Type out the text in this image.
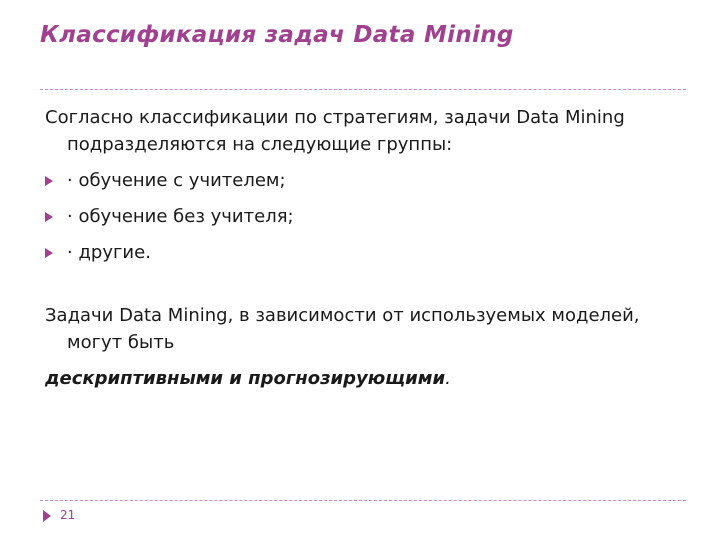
Классификация задач Data Mining

Согласно классификации по стратегиям, задачи Data Mining подразделяются на следующие группы:

· обучение с учителем;
· обучение без учителя;
· другие.

Задачи Data Mining, в зависимости от используемых моделей, могут быть

дескриптивными и прогнозирующими.
21
